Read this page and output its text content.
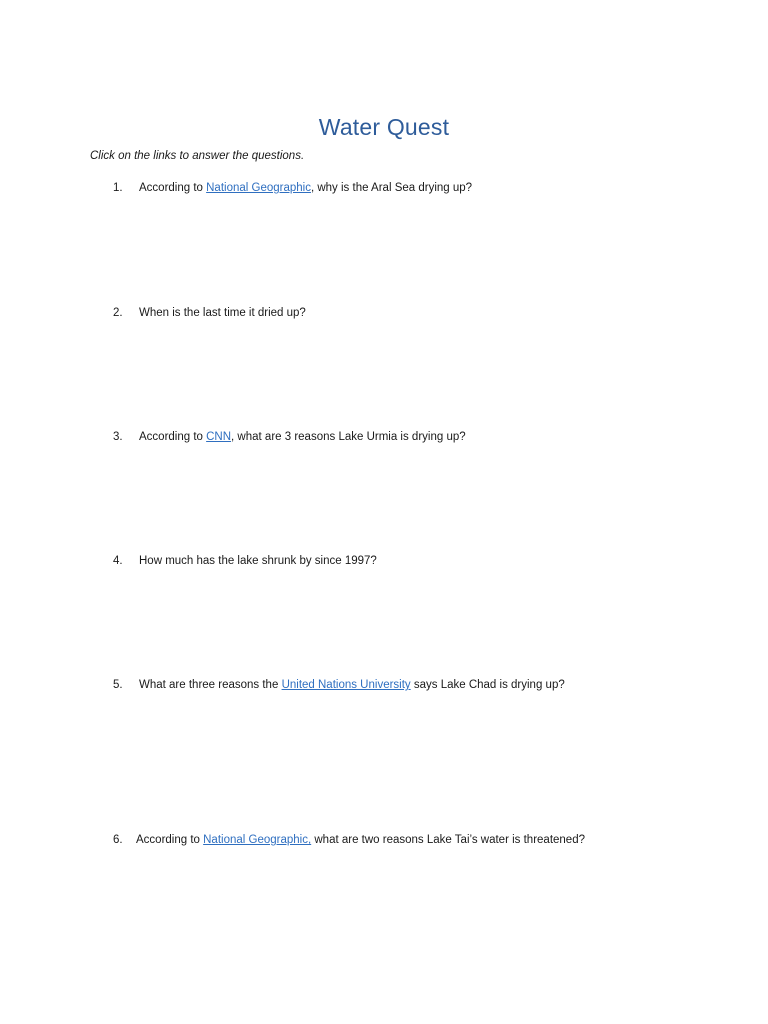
Water Quest
Click on the links to answer the questions.
1. According to National Geographic, why is the Aral Sea drying up?
2. When is the last time it dried up?
3. According to CNN, what are 3 reasons Lake Urmia is drying up?
4. How much has the lake shrunk by since 1997?
5. What are three reasons the United Nations University says Lake Chad is drying up?
6. According to National Geographic, what are two reasons Lake Tai’s water is threatened?
